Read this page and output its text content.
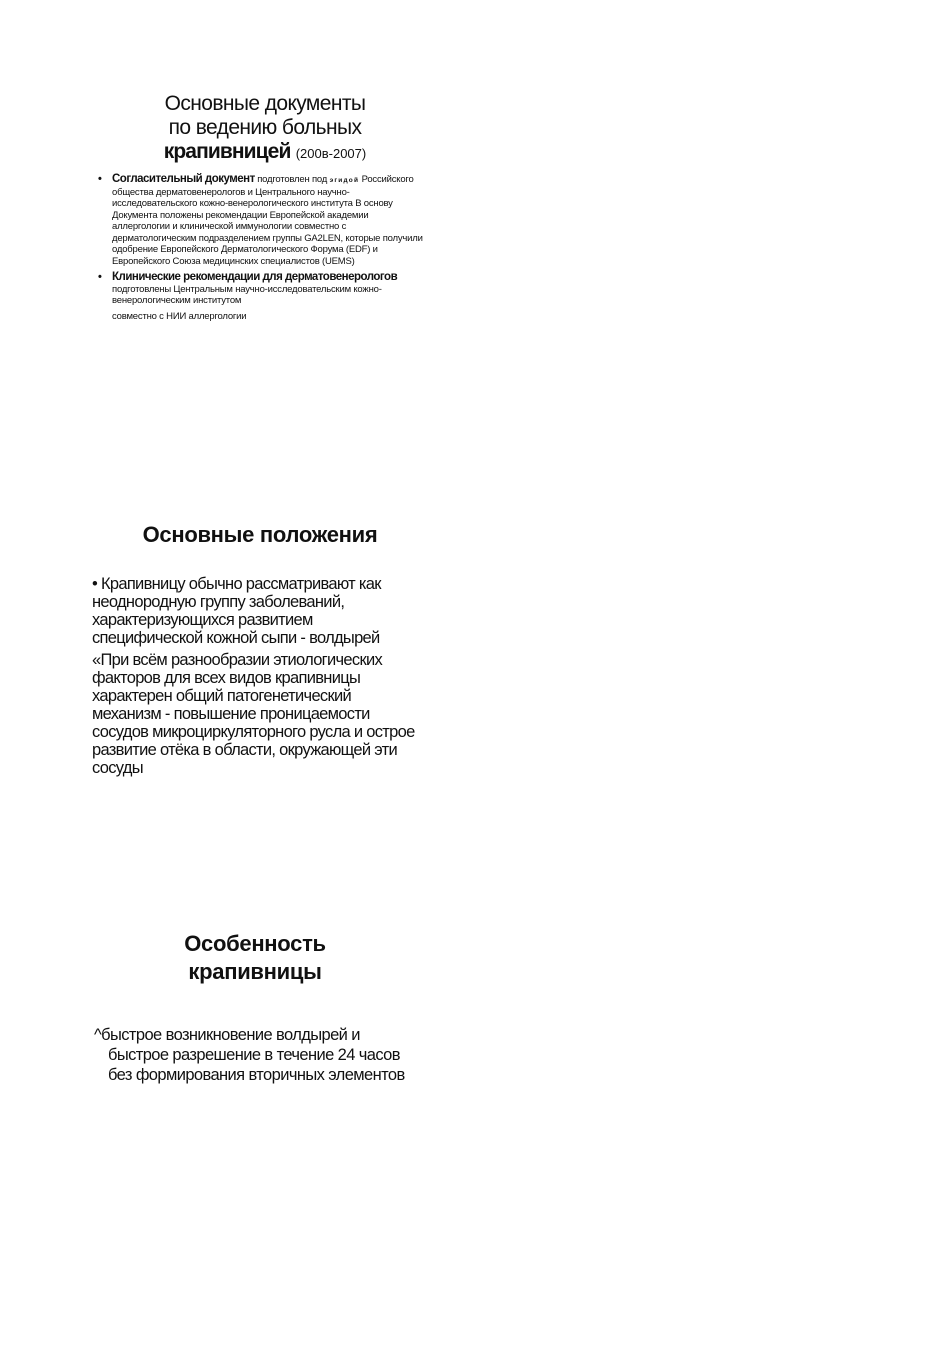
Основные документы
по ведению больных
крапивницей (200в-2007)
• Согласительный документ подготовлен под эгидой Российского общества дерматовенерологов и Центрального научно-исследовательского кожно-венерологического института В основу Документа положены рекомендации Европейской академии аллергологии и клинической иммунологии совместно с дерматологическим подразделением группы GA2LEN, которые получили одобрение Европейского Дерматологического Форума (EDF) и Европейского Союза медицинских специалистов (UEMS)
• Клинические рекомендации для дерматовенерологов подготовлены Центральным научно-исследовательским кожно-венерологическим институтом
совместно с НИИ аллергологии
Основные положения

• Крапивницу обычно рассматривают как неоднородную группу заболеваний, характеризующихся развитием специфической кожной сыпи - волдырей

«При всём разнообразии этиологических факторов для всех видов крапивницы характерен общий патогенетический механизм - повышение проницаемости сосудов микроциркуляторного русла и острое развитие отёка в области, окружающей эти сосуды

Особенность
крапивницы
^быстрое возникновение волдырей и
быстрое разрешение в течение 24 часов без формирования вторичных элементов
